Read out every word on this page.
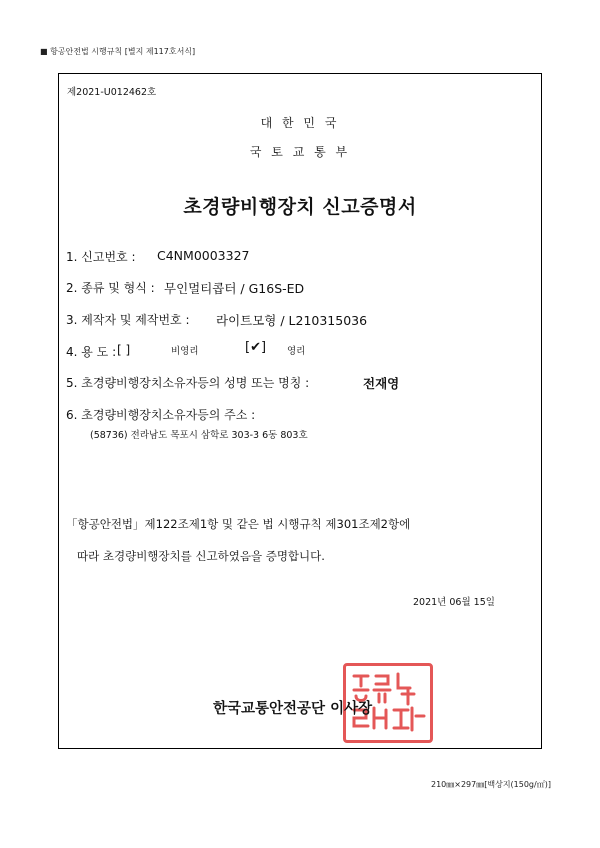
■ 항공안전법 시행규칙 [별지 제117호서식]
제2021-U012462호
대 한 민 국
국 토 교 통 부
초경량비행장치 신고증명서
1. 신고번호 : C4NM0003327
2. 종류 및 형식 : 무인멀티콥터 / G16S-ED
3. 제작자 및 제작번호 : 라이트모형 / L210315036
4. 용 도 : [ ]	비영리	[✔] 영리
5. 초경량비행장치소유자등의 성명 또는 명칭 :	전재영
6. 초경량비행장치소유자등의 주소 :
(58736) 전라남도 목포시 삼학로 303-3 6동 803호
「항공안전법」제122조제1항 및 같은 법 시행규칙 제301조제2항에
따라 초경량비행장치를 신고하였음을 증명합니다.
2021년 06월 15일
한국교통안전공단 이사장
210㎜×297㎜[백상지(150g/㎡)]
